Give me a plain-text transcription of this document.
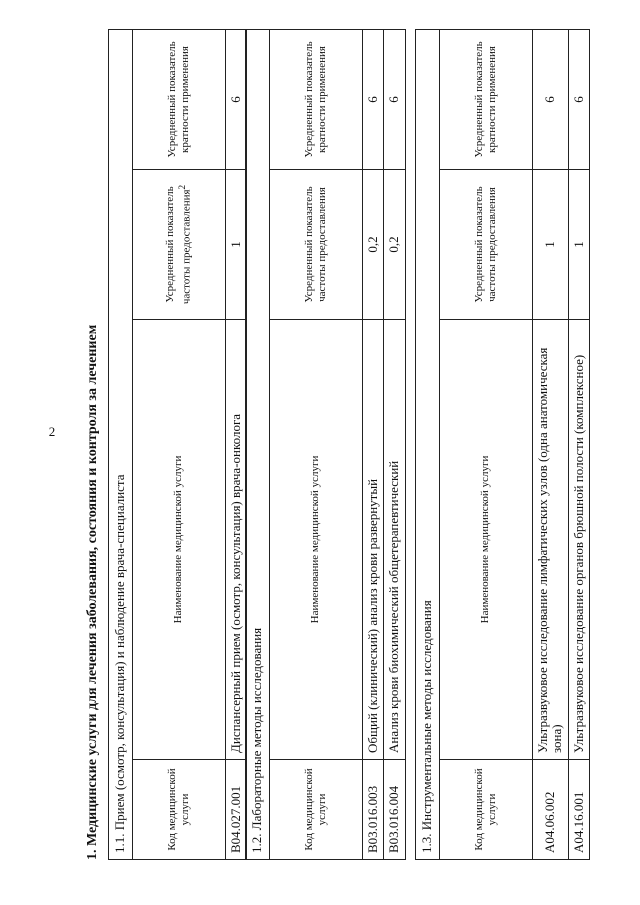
2 1. Медицинские услуги для лечения заболевания, состояния и контроля за лечением 1.1. Прием (осмотр, консультация) и наблюдение врача-специалиста			
Код медицинской услуги	Наименование медицинской услуги	Усредненный показатель частоты предоставления$^2$	Усредненный показатель кратности применения
B04.027.001	Диспансерный прием (осмотр, консультация) врача-онколога	1	6
1.2. Лабораторные методы исследования			
Код медицинской услуги	Наименование медицинской услуги	Усредненный показатель частоты предоставления	Усредненный показатель кратности применения
B03.016.003	Общий (клинический) анализ крови развернутый	0,2	6
B03.016.004	Анализ крови биохимический общетерапевтический	0,2	6
1.3. Инструментальные методы исследования			
Код медицинской услуги	Наименование медицинской услуги	Усредненный показатель частоты предоставления	Усредненный показатель кратности применения
A04.06.002	Ультразвуковое исследование лимфатических узлов (одна анатомическая зона)	1	6
A04.16.001	Ультразвуковое исследование органов брюшной полости (комплексное)	1	6
